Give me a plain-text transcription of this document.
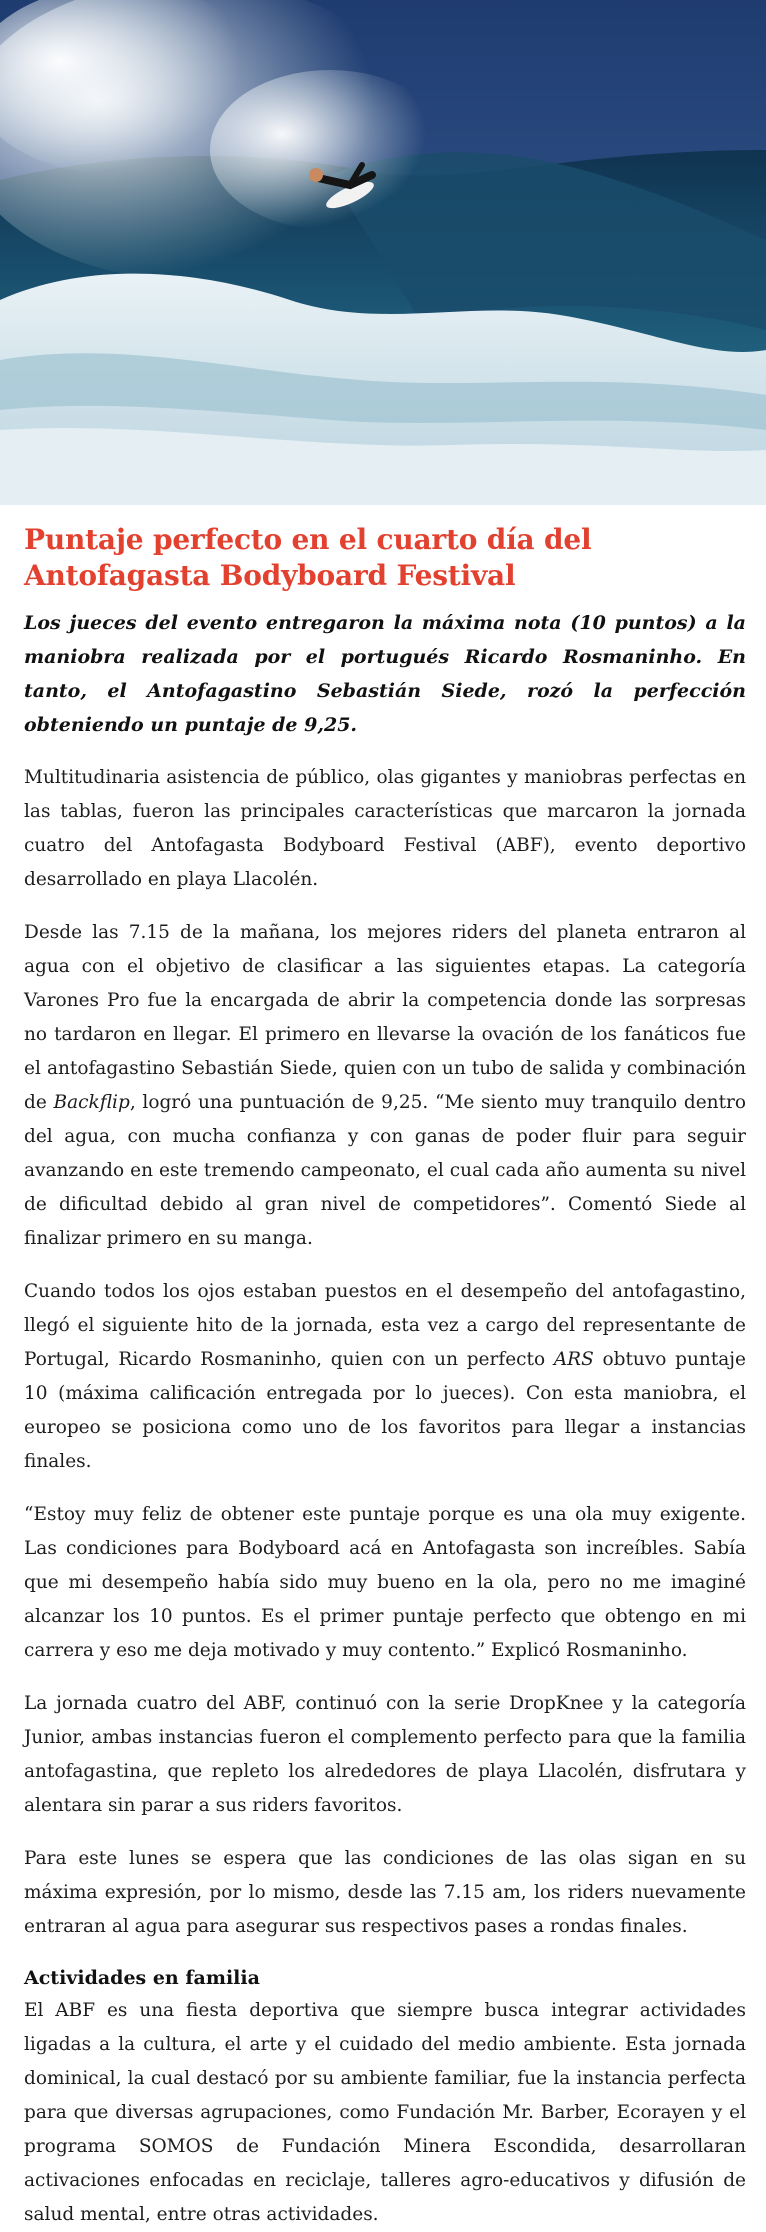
Puntaje perfecto en el cuarto día del Antofagasta Bodyboard Festival

Los jueces del evento entregaron la máxima nota (10 puntos) a la maniobra realizada por el portugués Ricardo Rosmaninho. En tanto, el Antofagastino Sebastián Siede, rozó la perfección obteniendo un puntaje de 9,25.

Multitudinaria asistencia de público, olas gigantes y maniobras perfectas en las tablas, fueron las principales características que marcaron la jornada cuatro del Antofagasta Bodyboard Festival (ABF), evento deportivo desarrollado en playa Llacolén.

Desde las 7.15 de la mañana, los mejores riders del planeta entraron al agua con el objetivo de clasificar a las siguientes etapas. La categoría Varones Pro fue la encargada de abrir la competencia donde las sorpresas no tardaron en llegar. El primero en llevarse la ovación de los fanáticos fue el antofagastino Sebastián Siede, quien con un tubo de salida y combinación de Backflip, logró una puntuación de 9,25. “Me siento muy tranquilo dentro del agua, con mucha confianza y con ganas de poder fluir para seguir avanzando en este tremendo campeonato, el cual cada año aumenta su nivel de dificultad debido al gran nivel de competidores”. Comentó Siede al finalizar primero en su manga.

Cuando todos los ojos estaban puestos en el desempeño del antofagastino, llegó el siguiente hito de la jornada, esta vez a cargo del representante de Portugal, Ricardo Rosmaninho, quien con un perfecto ARS obtuvo puntaje 10 (máxima calificación entregada por lo jueces). Con esta maniobra, el europeo se posiciona como uno de los favoritos para llegar a instancias finales.

“Estoy muy feliz de obtener este puntaje porque es una ola muy exigente. Las condiciones para Bodyboard acá en Antofagasta son increíbles. Sabía que mi desempeño había sido muy bueno en la ola, pero no me imaginé alcanzar los 10 puntos. Es el primer puntaje perfecto que obtengo en mi carrera y eso me deja motivado y muy contento.” Explicó Rosmaninho.

La jornada cuatro del ABF, continuó con la serie DropKnee y la categoría Junior, ambas instancias fueron el complemento perfecto para que la familia antofagastina, que repleto los alrededores de playa Llacolén, disfrutara y alentara sin parar a sus riders favoritos.

Para este lunes se espera que las condiciones de las olas sigan en su máxima expresión, por lo mismo, desde las 7.15 am, los riders nuevamente entraran al agua para asegurar sus respectivos pases a rondas finales.

Actividades en familia

El ABF es una fiesta deportiva que siempre busca integrar actividades ligadas a la cultura, el arte y el cuidado del medio ambiente. Esta jornada dominical, la cual destacó por su ambiente familiar, fue la instancia perfecta para que diversas agrupaciones, como Fundación Mr. Barber, Ecorayen y el programa SOMOS de Fundación Minera Escondida, desarrollaran activaciones enfocadas en reciclaje, talleres agro-educativos y difusión de salud mental, entre otras actividades.
